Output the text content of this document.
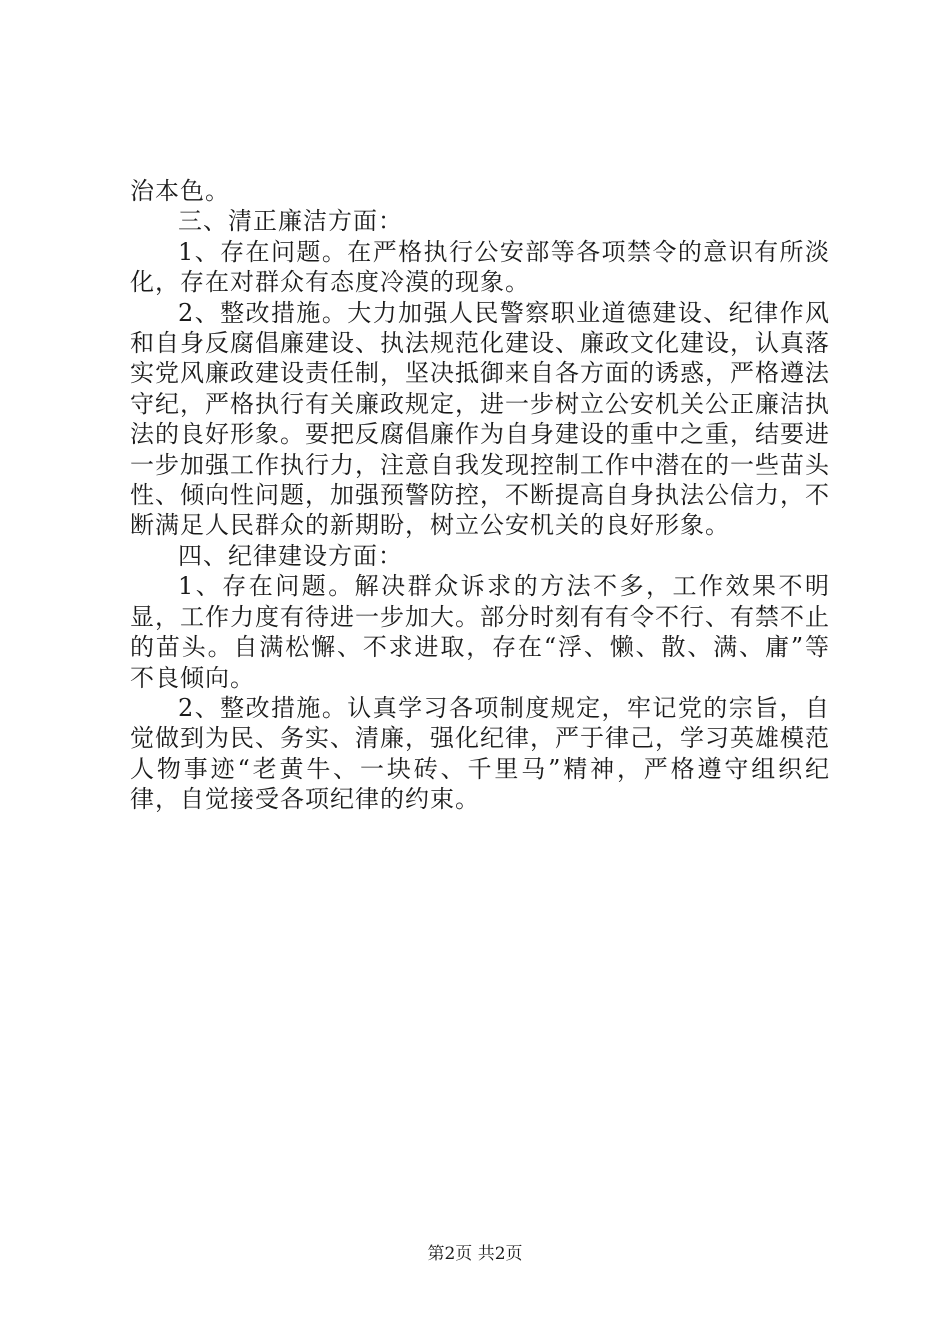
治本色。

三、清正廉洁方面：

1、存在问题。在严格执行公安部等各项禁令的意识有所淡化，存在对群众有态度冷漠的现象。

2、整改措施。大力加强人民警察职业道德建设、纪律作风和自身反腐倡廉建设、执法规范化建设、廉政文化建设，认真落实党风廉政建设责任制，坚决抵御来自各方面的诱惑，严格遵法守纪，严格执行有关廉政规定，进一步树立公安机关公正廉洁执法的良好形象。要把反腐倡廉作为自身建设的重中之重，结要进一步加强工作执行力，注意自我发现控制工作中潜在的一些苗头性、倾向性问题，加强预警防控，不断提高自身执法公信力，不断满足人民群众的新期盼，树立公安机关的良好形象。

四、纪律建设方面：

1、存在问题。解决群众诉求的方法不多，工作效果不明显，工作力度有待进一步加大。部分时刻有有令不行、有禁不止的苗头。自满松懈、不求进取，存在“浮、懒、散、满、庸”等不良倾向。

2、整改措施。认真学习各项制度规定，牢记党的宗旨，自觉做到为民、务实、清廉，强化纪律，严于律己，学习英雄模范人物事迹“老黄牛、一块砖、千里马”精神，严格遵守组织纪律，自觉接受各项纪律的约束。

第2页 共2页
